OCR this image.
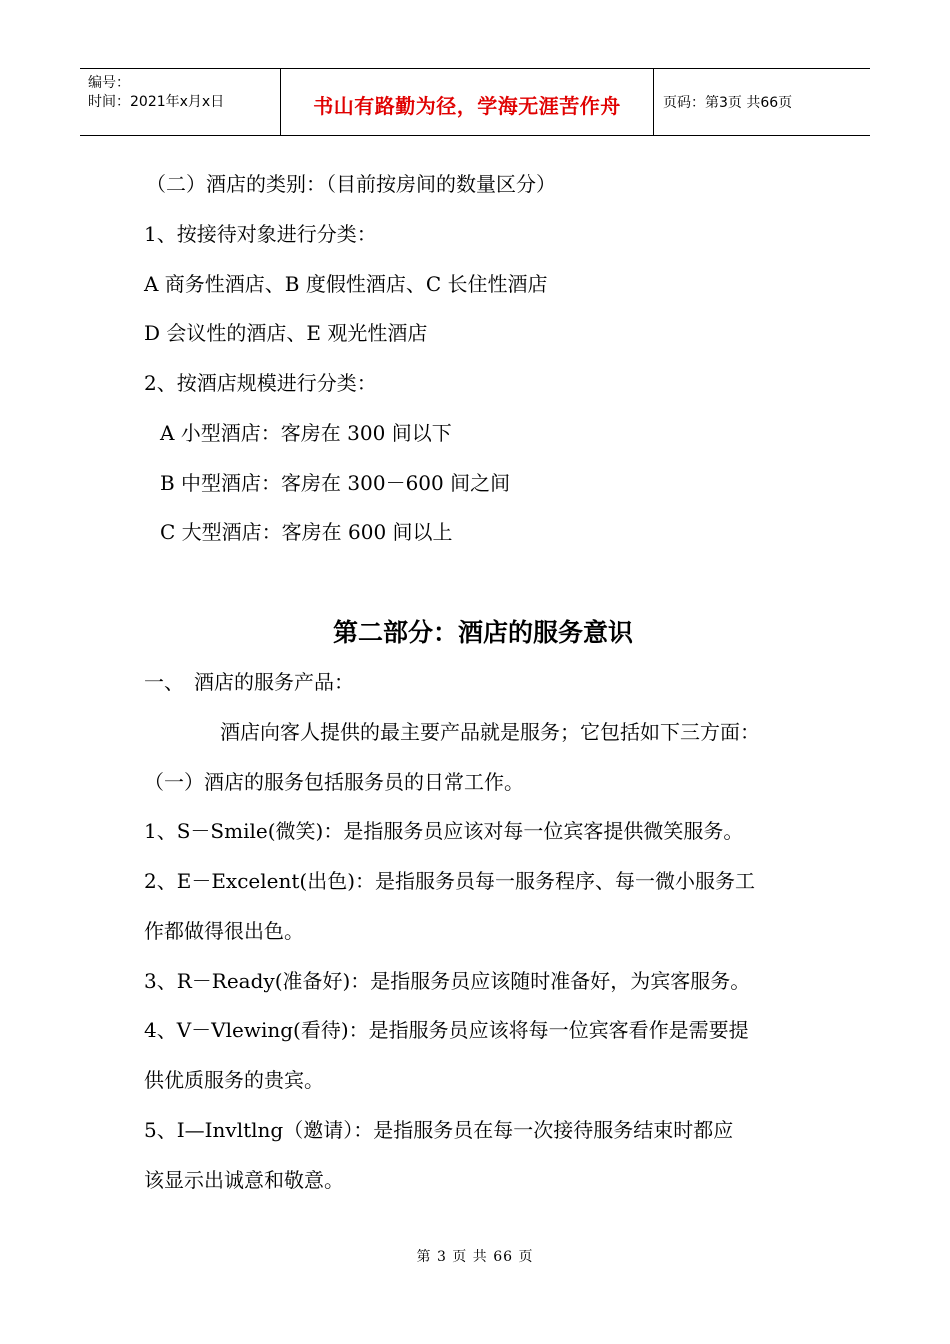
编号：
时间：2021年x月x日	书山有路勤为径，学海无涯苦作舟	页码：第3页 共66页
（二）酒店的类别：（目前按房间的数量区分）
1、按接待对象进行分类：
A 商务性酒店、B 度假性酒店、C 长住性酒店
D 会议性的酒店、E 观光性酒店
2、按酒店规模进行分类：
A 小型酒店：客房在 300 间以下
B 中型酒店：客房在 300－600 间之间
C 大型酒店：客房在 600 间以上
第二部分：酒店的服务意识
一、　酒店的服务产品：
酒店向客人提供的最主要产品就是服务；它包括如下三方面：
（一）酒店的服务包括服务员的日常工作。
1、S－Smile(微笑)：是指服务员应该对每一位宾客提供微笑服务。
2、E－Excelent(出色)：是指服务员每一服务程序、每一微小服务工
作都做得很出色。
3、R－Ready(准备好)：是指服务员应该随时准备好，为宾客服务。
4、V－Vlewing(看待)：是指服务员应该将每一位宾客看作是需要提
供优质服务的贵宾。
5、I—Invltlng（邀请）：是指服务员在每一次接待服务结束时都应
该显示出诚意和敬意。
第 3 页 共 66 页
